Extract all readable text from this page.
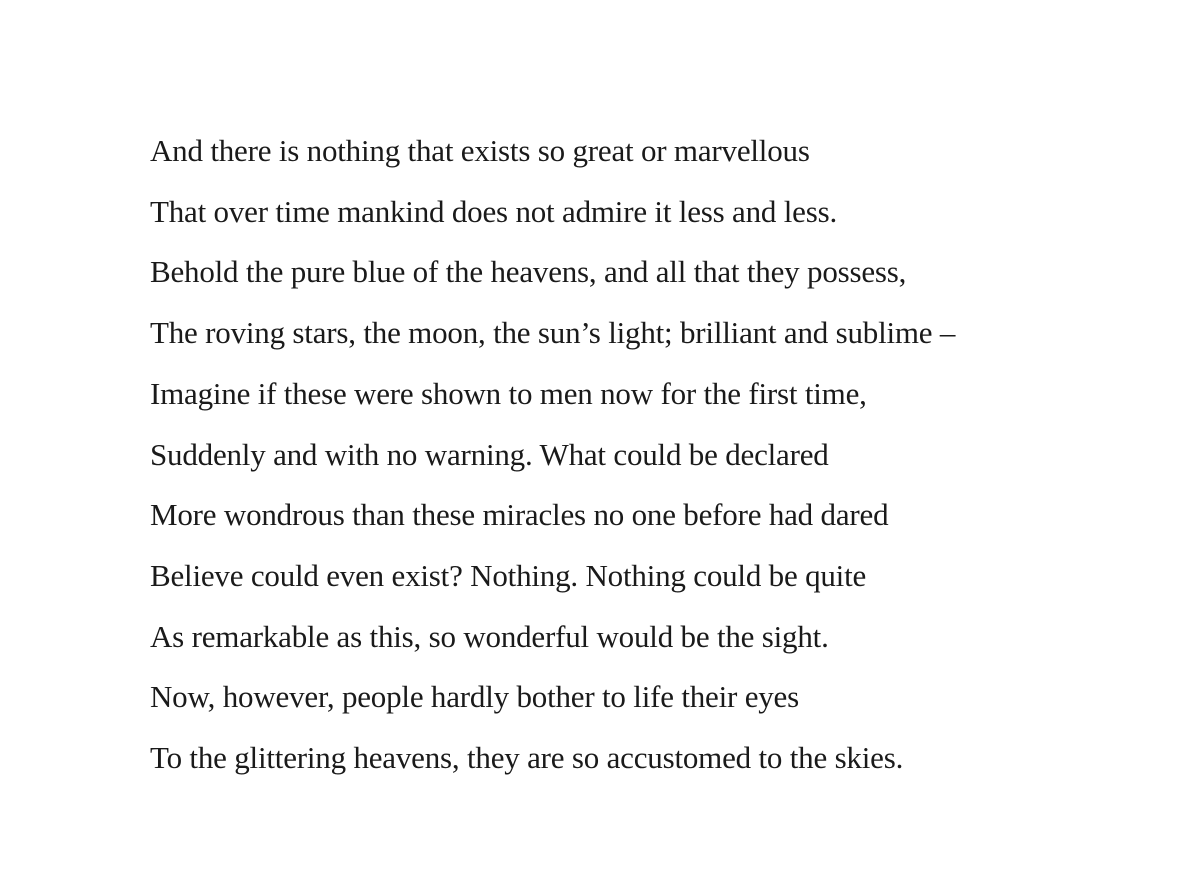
And there is nothing that exists so great or marvellous

That over time mankind does not admire it less and less.

Behold the pure blue of the heavens, and all that they possess,

The roving stars, the moon, the sun’s light; brilliant and sublime –

Imagine if these were shown to men now for the first time,

Suddenly and with no warning. What could be declared

More wondrous than these miracles no one before had dared

Believe could even exist? Nothing. Nothing could be quite

As remarkable as this, so wonderful would be the sight.

Now, however, people hardly bother to life their eyes

To the glittering heavens, they are so accustomed to the skies.
